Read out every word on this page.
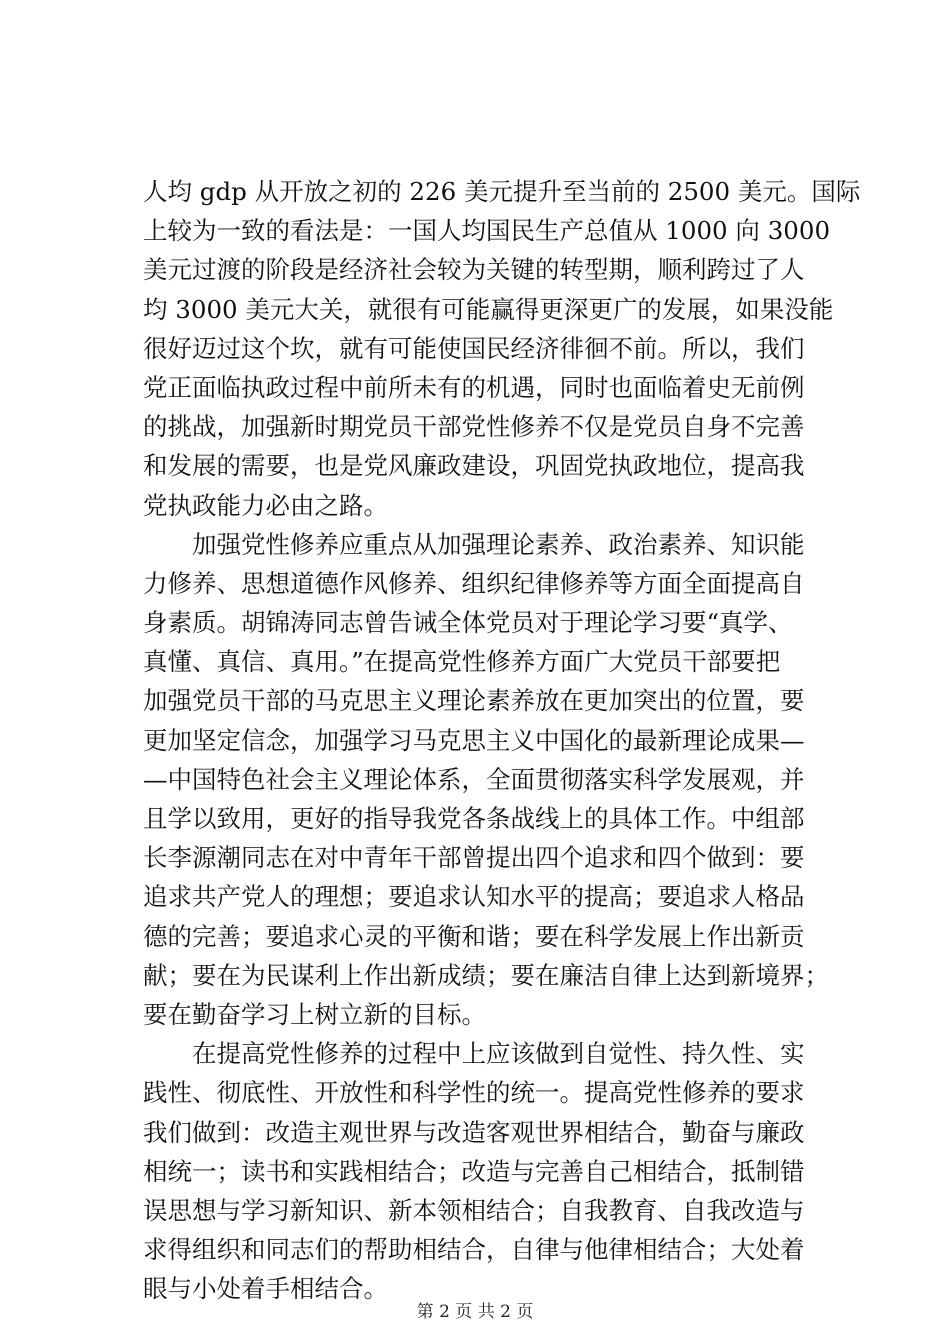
人均 gdp 从开放之初的 226 美元提升至当前的 2500 美元。国际
上较为一致的看法是：一国人均国民生产总值从 1000 向 3000
美元过渡的阶段是经济社会较为关键的转型期，顺利跨过了人
均 3000 美元大关，就很有可能赢得更深更广的发展，如果没能
很好迈过这个坎，就有可能使国民经济徘徊不前。所以，我们
党正面临执政过程中前所未有的机遇，同时也面临着史无前例
的挑战，加强新时期党员干部党性修养不仅是党员自身不完善
和发展的需要，也是党风廉政建设，巩固党执政地位，提高我
党执政能力必由之路。
　　加强党性修养应重点从加强理论素养、政治素养、知识能
力修养、思想道德作风修养、组织纪律修养等方面全面提高自
身素质。胡锦涛同志曾告诫全体党员对于理论学习要“真学、
真懂、真信、真用。”在提高党性修养方面广大党员干部要把
加强党员干部的马克思主义理论素养放在更加突出的位置，要
更加坚定信念，加强学习马克思主义中国化的最新理论成果—
—中国特色社会主义理论体系，全面贯彻落实科学发展观，并
且学以致用，更好的指导我党各条战线上的具体工作。中组部
长李源潮同志在对中青年干部曾提出四个追求和四个做到：要
追求共产党人的理想；要追求认知水平的提高；要追求人格品
德的完善；要追求心灵的平衡和谐；要在科学发展上作出新贡
献；要在为民谋利上作出新成绩；要在廉洁自律上达到新境界；
要在勤奋学习上树立新的目标。
　　在提高党性修养的过程中上应该做到自觉性、持久性、实
践性、彻底性、开放性和科学性的统一。提高党性修养的要求
我们做到：改造主观世界与改造客观世界相结合，勤奋与廉政
相统一；读书和实践相结合；改造与完善自己相结合，抵制错
误思想与学习新知识、新本领相结合；自我教育、自我改造与
求得组织和同志们的帮助相结合，自律与他律相结合；大处着
眼与小处着手相结合。
第 2 页 共 2 页
